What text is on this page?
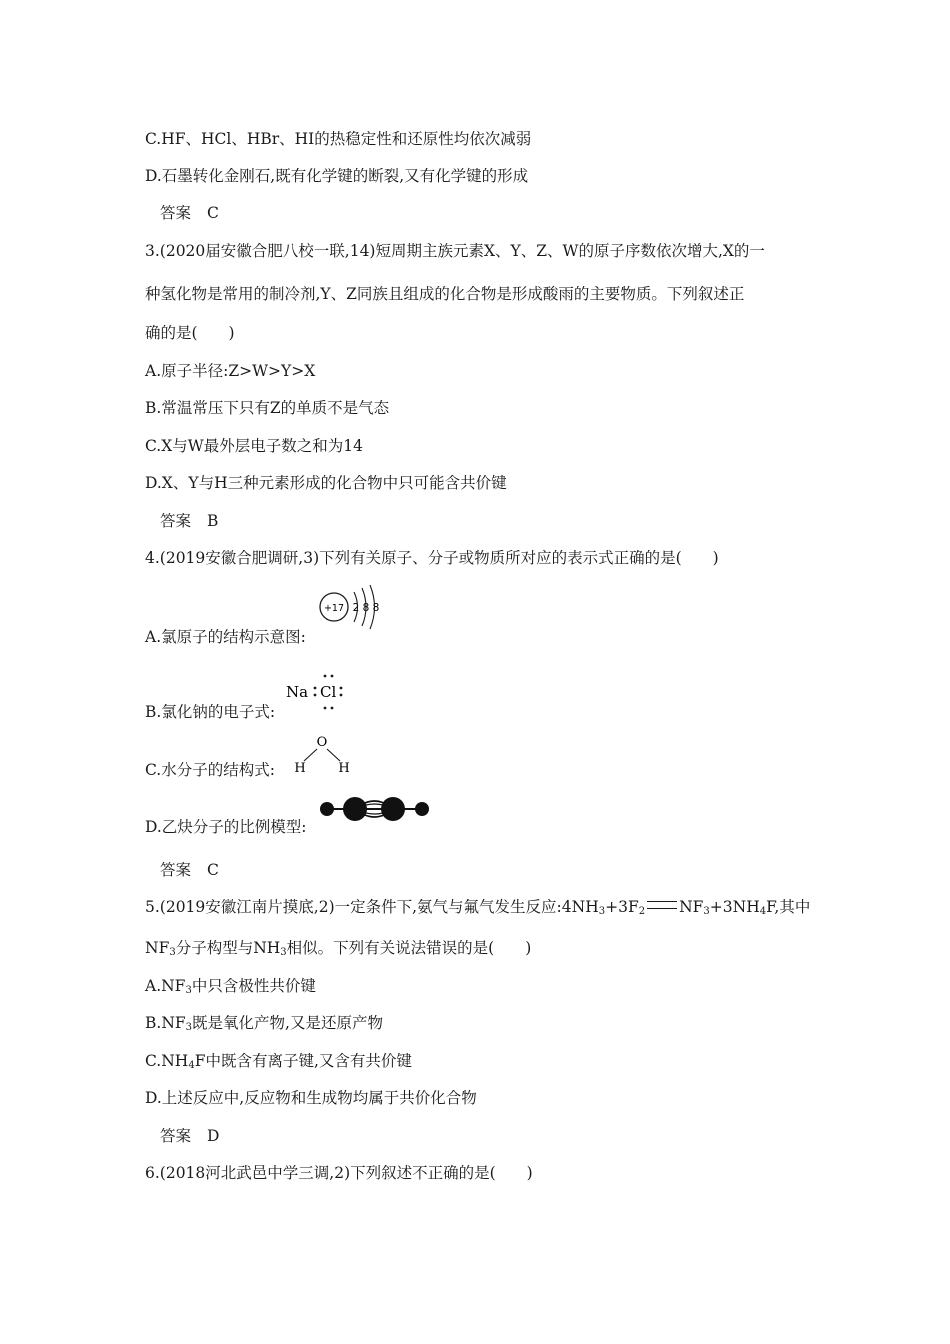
C.HF、HCl、HBr、HI的热稳定性和还原性均依次减弱
D.石墨转化金刚石,既有化学键的断裂,又有化学键的形成
答案 C
3.(2020届安徽合肥八校一联,14)短周期主族元素X、Y、Z、W的原子序数依次增大,X的一
种氢化物是常用的制冷剂,Y、Z同族且组成的化合物是形成酸雨的主要物质。下列叙述正
确的是(　　)
A.原子半径:Z>W>Y>X
B.常温常压下只有Z的单质不是气态
C.X与W最外层电子数之和为14
D.X、Y与H三种元素形成的化合物中只可能含共价键
答案 B
4.(2019安徽合肥调研,3)下列有关原子、分子或物质所对应的表示式正确的是(　　)
+17 2 8 8
A.氯原子的结构示意图:
Na Cl
B.氯化钠的电子式:
O
H	H
C.水分子的结构式:
D.乙炔分子的比例模型:
答案 C
5.(2019安徽江南片摸底,2)一定条件下,氨气与氟气发生反应$:4NH_3+3F_2$ $NF_3+3NH_4F$,其中
$NF_3$分子构型与$NH_3$相似。下列有关说法错误的是(　　)
$A.NF_3$中只含极性共价键
$B.NF_3$既是氧化产物,又是还原产物
$C.NH_4F$中既含有离子键,又含有共价键
D.上述反应中,反应物和生成物均属于共价化合物
答案 D
6.(2018河北武邑中学三调,2)下列叙述不正确的是(　　)
